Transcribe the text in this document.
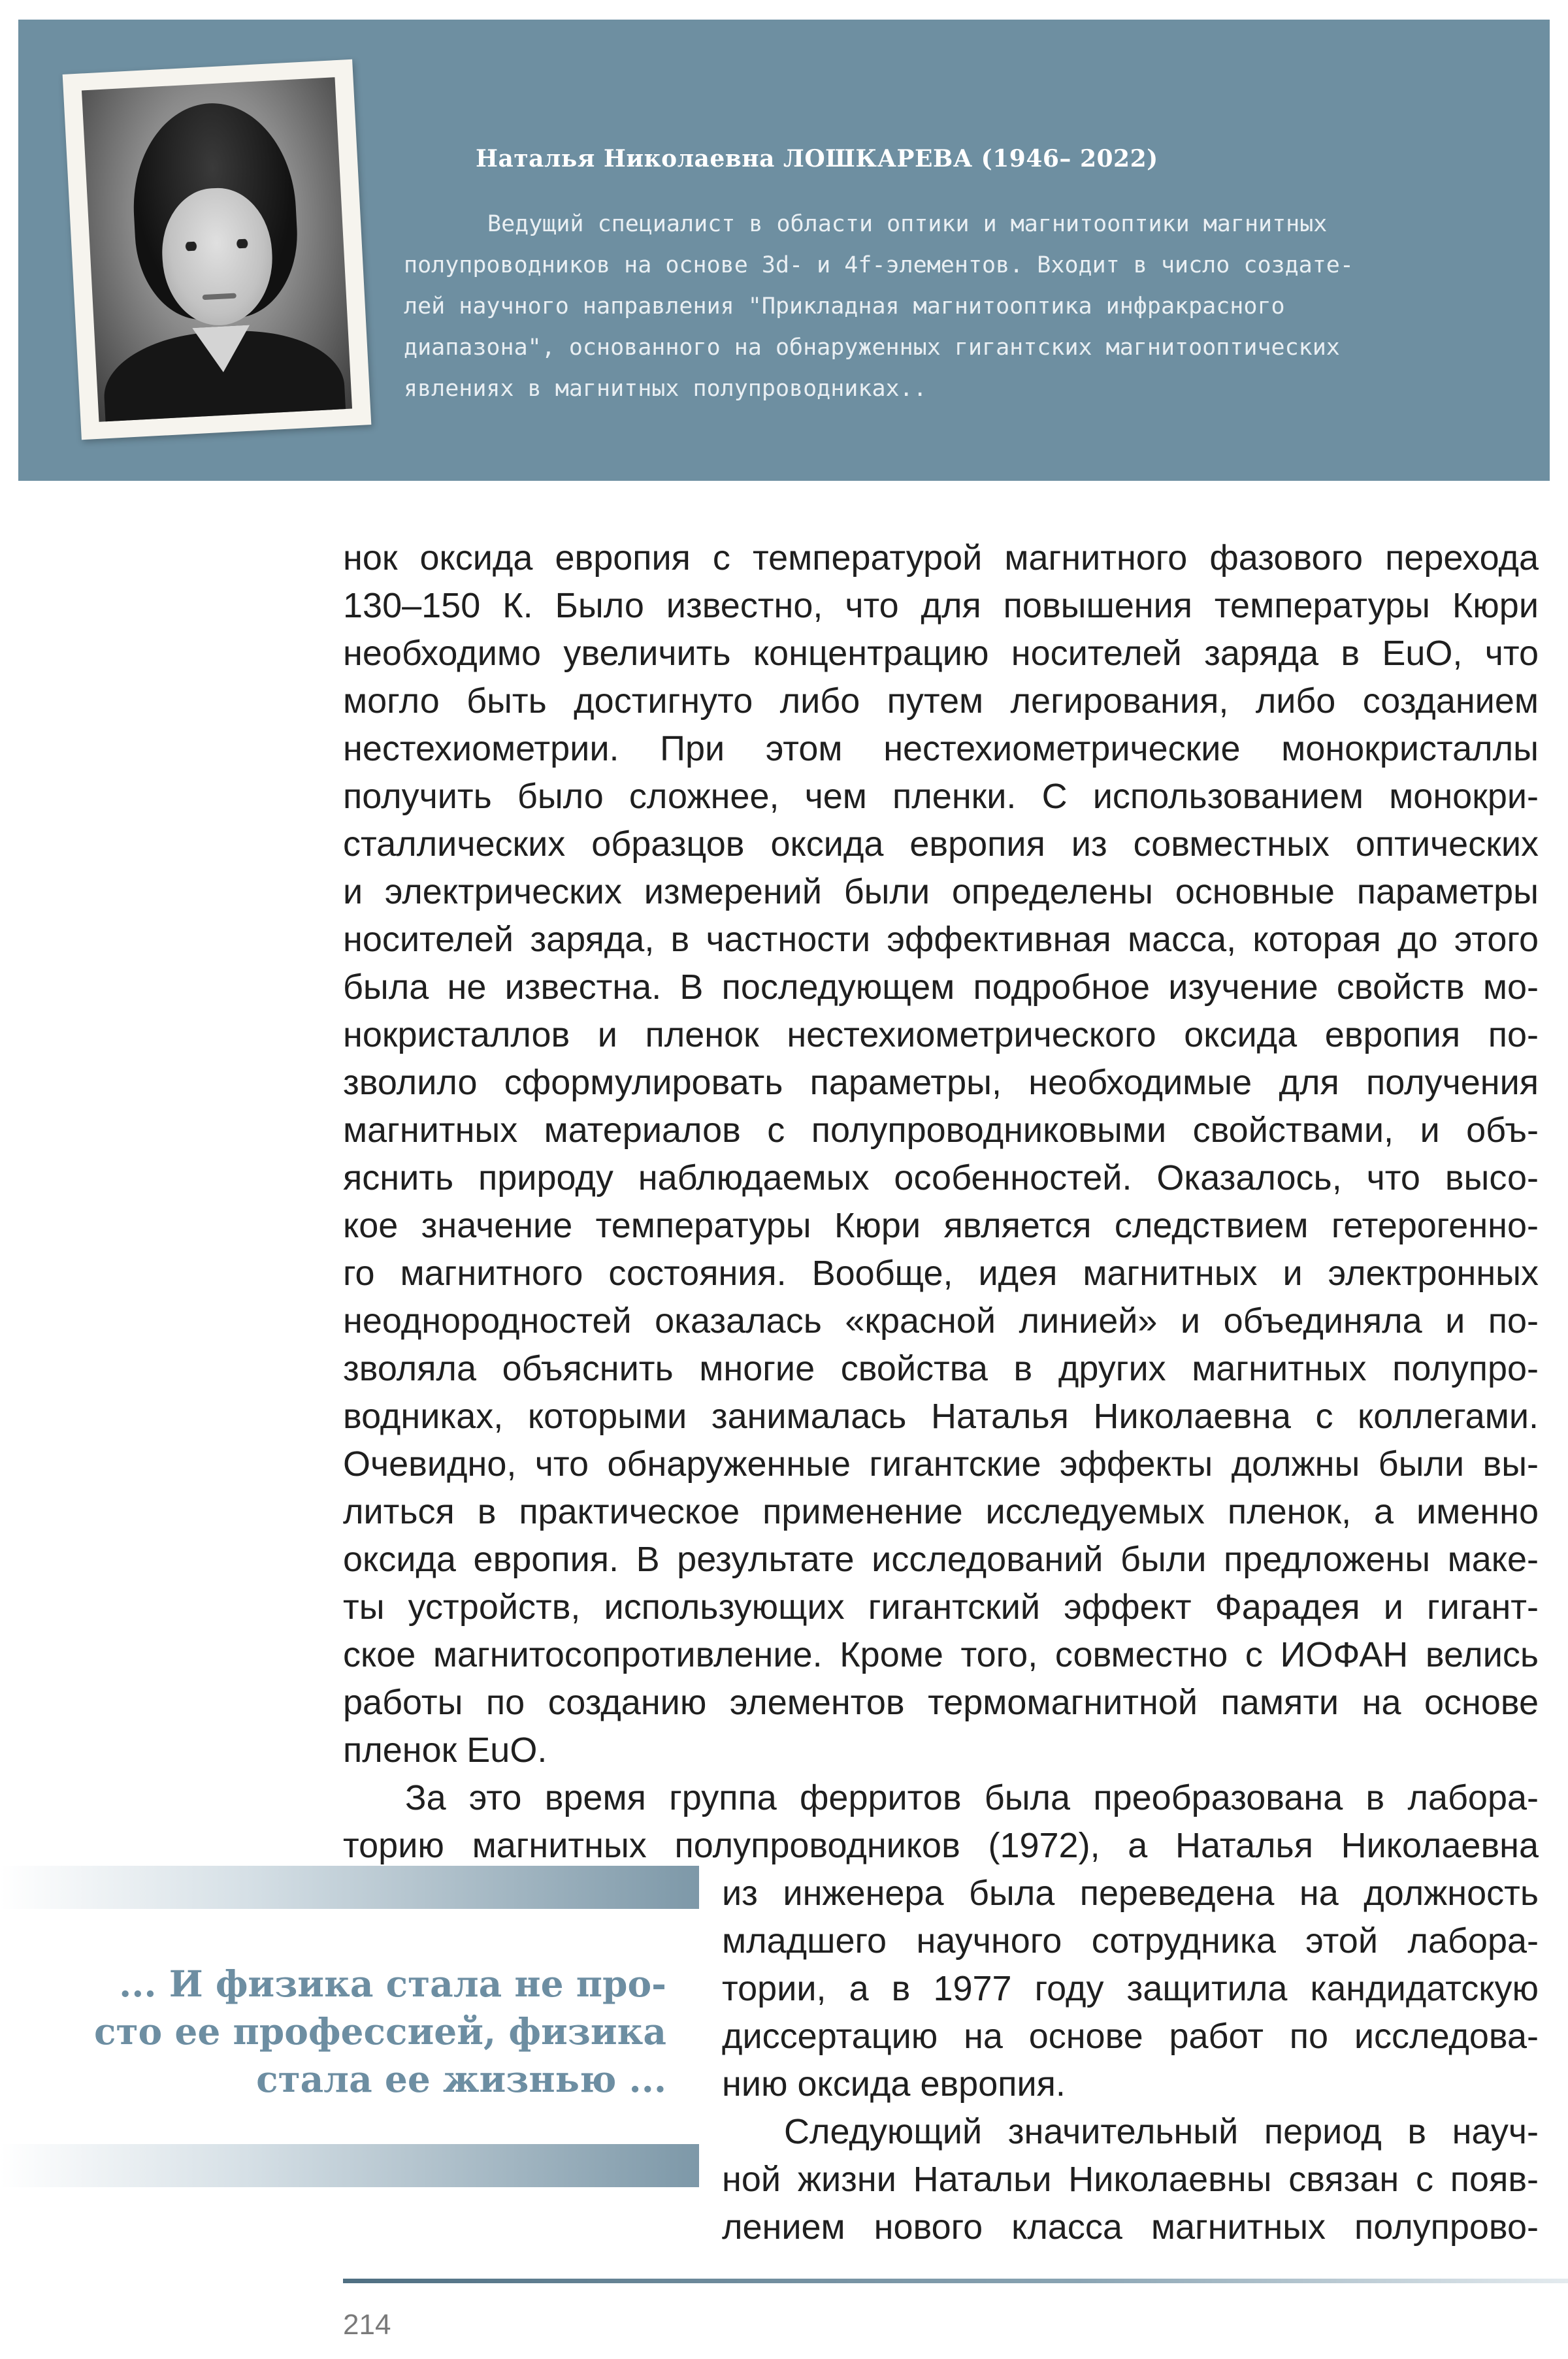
Наталья Николаевна ЛОШКАРЕВА (1946– 2022)
Ведущий специалист в области оптики и магнитооптики магнитных
полупроводников на основе 3d- и 4f-элементов. Входит в число создате-
лей научного направления "Прикладная магнитооптика инфракрасного
диапазона", основанного на обнаруженных гигантских магнитооптических
явлениях в магнитных полупроводниках..
нок оксида европия с температурой магнитного фазового перехода
130–150 К. Было известно, что для повышения температуры Кюри
необходимо увеличить концентрацию носителей заряда в EuO, что
могло быть достигнуто либо путем легирования, либо созданием
нестехиометрии. При этом нестехиометрические монокристаллы
получить было сложнее, чем пленки. С использованием монокри-
сталлических образцов оксида европия из совместных оптических
и электрических измерений были определены основные параметры
носителей заряда, в частности эффективная масса, которая до этого
была не известна. В последующем подробное изучение свойств мо-
нокристаллов и пленок нестехиометрического оксида европия по-
зволило сформулировать параметры, необходимые для получения
магнитных материалов с полупроводниковыми свойствами, и объ-
яснить природу наблюдаемых особенностей. Оказалось, что высо-
кое значение температуры Кюри является следствием гетерогенно-
го магнитного состояния. Вообще, идея магнитных и электронных
неоднородностей оказалась «красной линией» и объединяла и по-
зволяла объяснить многие свойства в других магнитных полупро-
водниках, которыми занималась Наталья Николаевна с коллегами.
Очевидно, что обнаруженные гигантские эффекты должны были вы-
литься в практическое применение исследуемых пленок, а именно
оксида европия. В результате исследований были предложены маке-
ты устройств, использующих гигантский эффект Фарадея и гигант-
ское магнитосопротивление. Кроме того, совместно с ИОФАН велись
работы по созданию элементов термомагнитной памяти на основе
пленок EuO.
За это время группа ферритов была преобразована в лабора-
торию магнитных полупроводников (1972), а Наталья Николаевна
из инженера была переведена на должность
младшего научного сотрудника этой лабора-
тории, а в 1977 году защитила кандидатскую
диссертацию на основе работ по исследова-
нию оксида европия.
Следующий значительный период в науч-
ной жизни Натальи Николаевны связан с появ-
лением нового класса магнитных полупрово-
... И физика стала не про-
сто ее профессией, физика
стала ее жизнью ...
214
